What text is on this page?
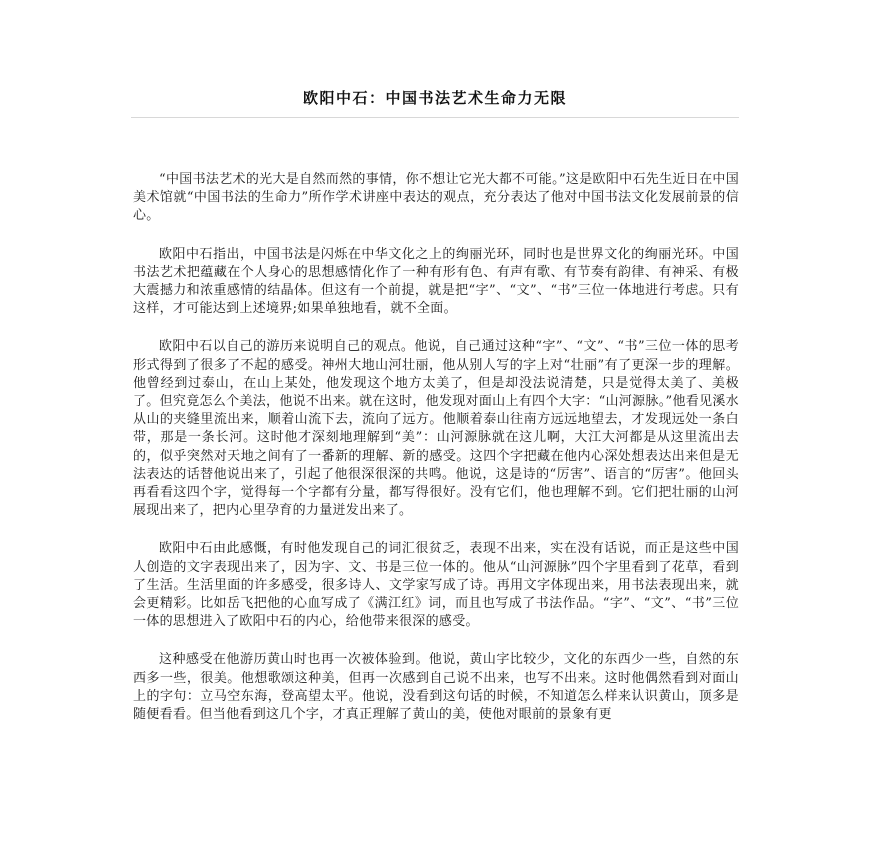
欧阳中石：中国书法艺术生命力无限

“中国书法艺术的光大是自然而然的事情，你不想让它光大都不可能。”这是欧阳中石先生近日在中国美术馆就“中国书法的生命力”所作学术讲座中表达的观点，充分表达了他对中国书法文化发展前景的信心。

欧阳中石指出，中国书法是闪烁在中华文化之上的绚丽光环，同时也是世界文化的绚丽光环。中国 书法艺术把蕴藏在个人身心的思想感情化作了一种有形有色、有声有歌、有节奏有韵律、有神采、有极大震撼力和浓重感情的结晶体。但这有一个前提，就是把“字”、“文”、“书”三位一体地进行考虑。只有这样，才可能达到上述境界;如果单独地看，就不全面。

欧阳中石以自己的游历来说明自己的观点。他说，自己通过这种“字”、“文”、“书”三位一体的思考形式得到了很多了不起的感受。神州大地山河壮丽，他从别人写的字上对“壮丽”有了更深一步的理解。他曾经到过泰山，在山上某处，他发现这个地方太美了，但是却没法说清楚，只是觉得太美了、美极了。但究竟怎么个美法，他说不出来。就在这时，他发现对面山上有四个大字：“山河源脉。”他看见溪水从山的夹缝里流出来，顺着山流下去，流向了远方。他顺着泰山往南方远远地望去，才发现远处一条白带，那是一条长河。这时他才深刻地理解到“美”：山河源脉就在这儿啊，大江大河都是从这里流出去的，似乎突然对天地之间有了一番新的理解、新的感受。这四个字把藏在他内心深处想表达出来但是无法表达的话替他说出来了，引起了他很深很深的共鸣。他说，这是诗的“厉害”、语言的“厉害”。他回头再看看这四个字，觉得每一个字都有分量，都写得很好。没有它们，他也理解不到。它们把壮丽的山河展现出来了，把内心里孕育的力量迸发出来了。

欧阳中石由此感慨，有时他发现自己的词汇很贫乏，表现不出来，实在没有话说，而正是这些中国人创造的文字表现出来了，因为字、文、书是三位一体的。他从“山河源脉”四个字里看到了花草，看到了生活。生活里面的许多感受，很多诗人、文学家写成了诗。再用文字体现出来，用书法表现出来，就会更精彩。比如岳飞把他的心血写成了《满江红》词，而且也写成了书法作品。“字”、“文”、“书”三位一体的思想进入了欧阳中石的内心，给他带来很深的感受。

这种感受在他游历黄山时也再一次被体验到。他说，黄山字比较少，文化的东西少一些，自然的东西多一些，很美。他想歌颂这种美，但再一次感到自己说不出来，也写不出来。这时他偶然看到对面山上的字句：立马空东海，登高望太平。他说，没看到这句话的时候，不知道怎么样来认识黄山，顶多是随便看看。但当他看到这几个字，才真正理解了黄山的美，使他对眼前的景象有更
